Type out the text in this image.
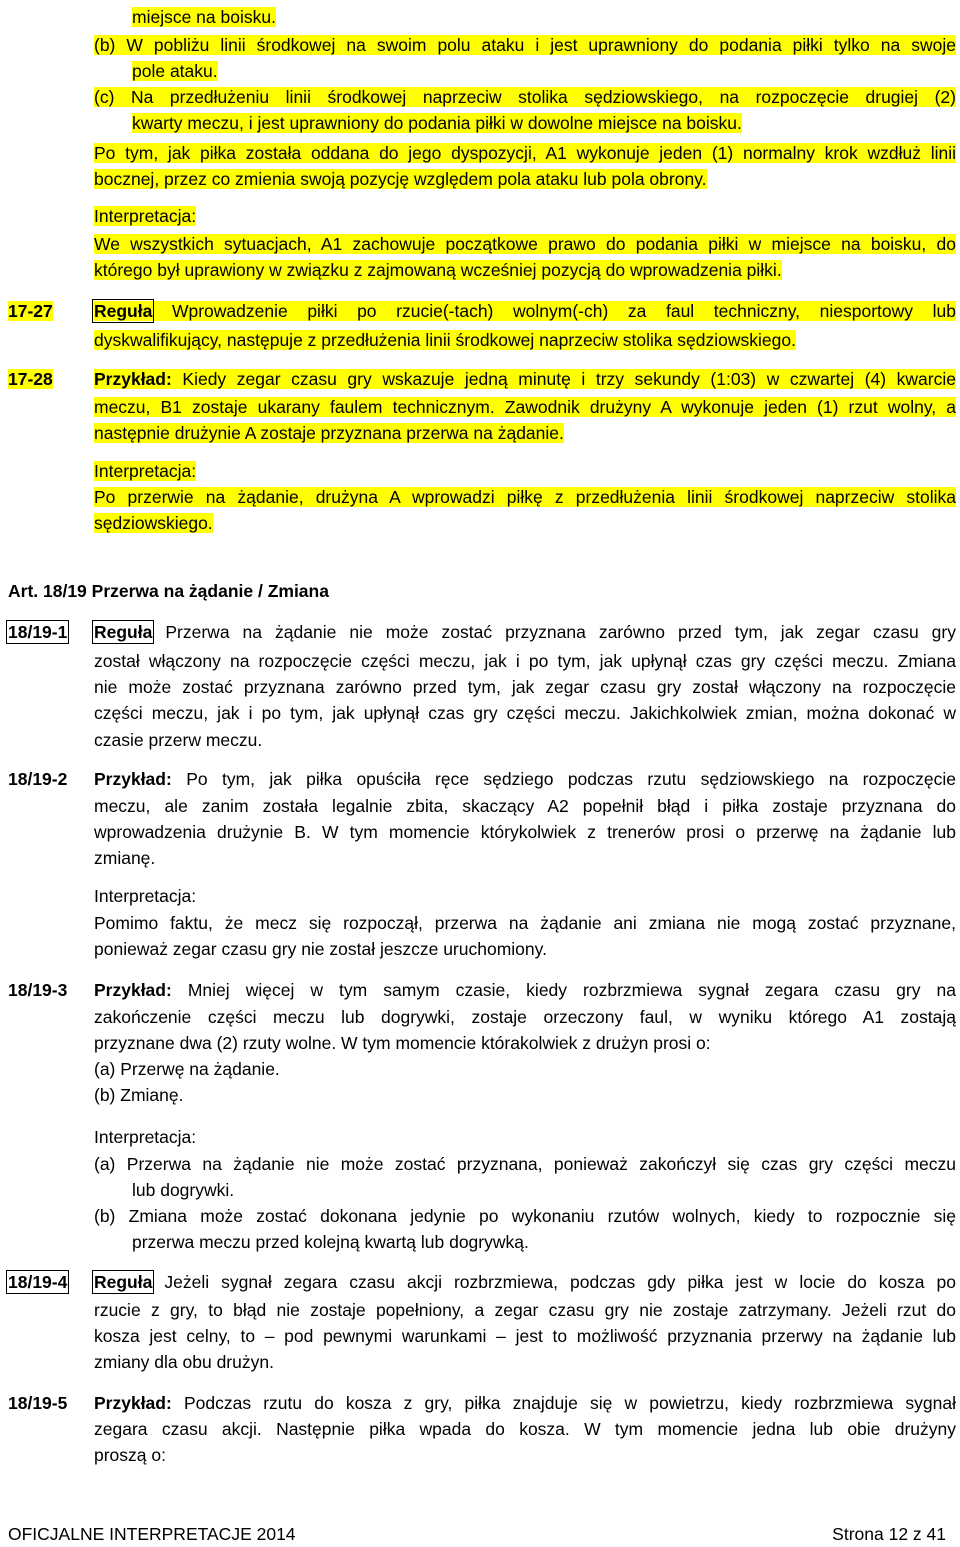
miejsce na boisku.
(b) W pobliżu linii środkowej na swoim polu ataku i jest uprawniony do podania piłki tylko na swoje
pole ataku.
(c) Na przedłużeniu linii środkowej naprzeciw stolika sędziowskiego, na rozpoczęcie drugiej (2)
kwarty meczu, i jest uprawniony do podania piłki w dowolne miejsce na boisku.
Po tym, jak piłka została oddana do jego dyspozycji, A1 wykonuje jeden (1) normalny krok wzdłuż linii
bocznej, przez co zmienia swoją pozycję względem pola ataku lub pola obrony.
Interpretacja:
We wszystkich sytuacjach, A1 zachowuje początkowe prawo do podania piłki w miejsce na boisku, do
którego był uprawiony w związku z zajmowaną wcześniej pozycją do wprowadzenia piłki.
17-27 Reguła Wprowadzenie piłki po rzucie(-tach) wolnym(-ch) za faul techniczny, niesportowy lub
dyskwalifikujący, następuje z przedłużenia linii środkowej naprzeciw stolika sędziowskiego.
17-28 Przykład: Kiedy zegar czasu gry wskazuje jedną minutę i trzy sekundy (1:03) w czwartej (4) kwarcie
meczu, B1 zostaje ukarany faulem technicznym. Zawodnik drużyny A wykonuje jeden (1) rzut wolny, a
następnie drużynie A zostaje przyznana przerwa na żądanie.
Interpretacja:
Po przerwie na żądanie, drużyna A wprowadzi piłkę z przedłużenia linii środkowej naprzeciw stolika
sędziowskiego.
Art. 18/19 Przerwa na żądanie / Zmiana
18/19-1 Reguła Przerwa na żądanie nie może zostać przyznana zarówno przed tym, jak zegar czasu gry
został włączony na rozpoczęcie części meczu, jak i po tym, jak upłynął czas gry części meczu. Zmiana
nie może zostać przyznana zarówno przed tym, jak zegar czasu gry został włączony na rozpoczęcie
części meczu, jak i po tym, jak upłynął czas gry części meczu. Jakichkolwiek zmian, można dokonać w
czasie przerw meczu.
18/19-2 Przykład: Po tym, jak piłka opuściła ręce sędziego podczas rzutu sędziowskiego na rozpoczęcie
meczu, ale zanim została legalnie zbita, skaczący A2 popełnił błąd i piłka zostaje przyznana do
wprowadzenia drużynie B. W tym momencie którykolwiek z trenerów prosi o przerwę na żądanie lub
zmianę.
Interpretacja:
Pomimo faktu, że mecz się rozpoczął, przerwa na żądanie ani zmiana nie mogą zostać przyznane,
ponieważ zegar czasu gry nie został jeszcze uruchomiony.
18/19-3 Przykład: Mniej więcej w tym samym czasie, kiedy rozbrzmiewa sygnał zegara czasu gry na
zakończenie części meczu lub dogrywki, zostaje orzeczony faul, w wyniku którego A1 zostają
przyznane dwa (2) rzuty wolne. W tym momencie którakolwiek z drużyn prosi o:
(a) Przerwę na żądanie.
(b) Zmianę.
Interpretacja:
(a) Przerwa na żądanie nie może zostać przyznana, ponieważ zakończył się czas gry części meczu
lub dogrywki.
(b) Zmiana może zostać dokonana jedynie po wykonaniu rzutów wolnych, kiedy to rozpocznie się
przerwa meczu przed kolejną kwartą lub dogrywką.
18/19-4 Reguła Jeżeli sygnał zegara czasu akcji rozbrzmiewa, podczas gdy piłka jest w locie do kosza po
rzucie z gry, to błąd nie zostaje popełniony, a zegar czasu gry nie zostaje zatrzymany. Jeżeli rzut do
kosza jest celny, to – pod pewnymi warunkami – jest to możliwość przyznania przerwy na żądanie lub
zmiany dla obu drużyn.
18/19-5 Przykład: Podczas rzutu do kosza z gry, piłka znajduje się w powietrzu, kiedy rozbrzmiewa sygnał
zegara czasu akcji. Następnie piłka wpada do kosza. W tym momencie jedna lub obie drużyny
proszą o:
OFICJALNE INTERPRETACJE 2014	Strona 12 z 41
